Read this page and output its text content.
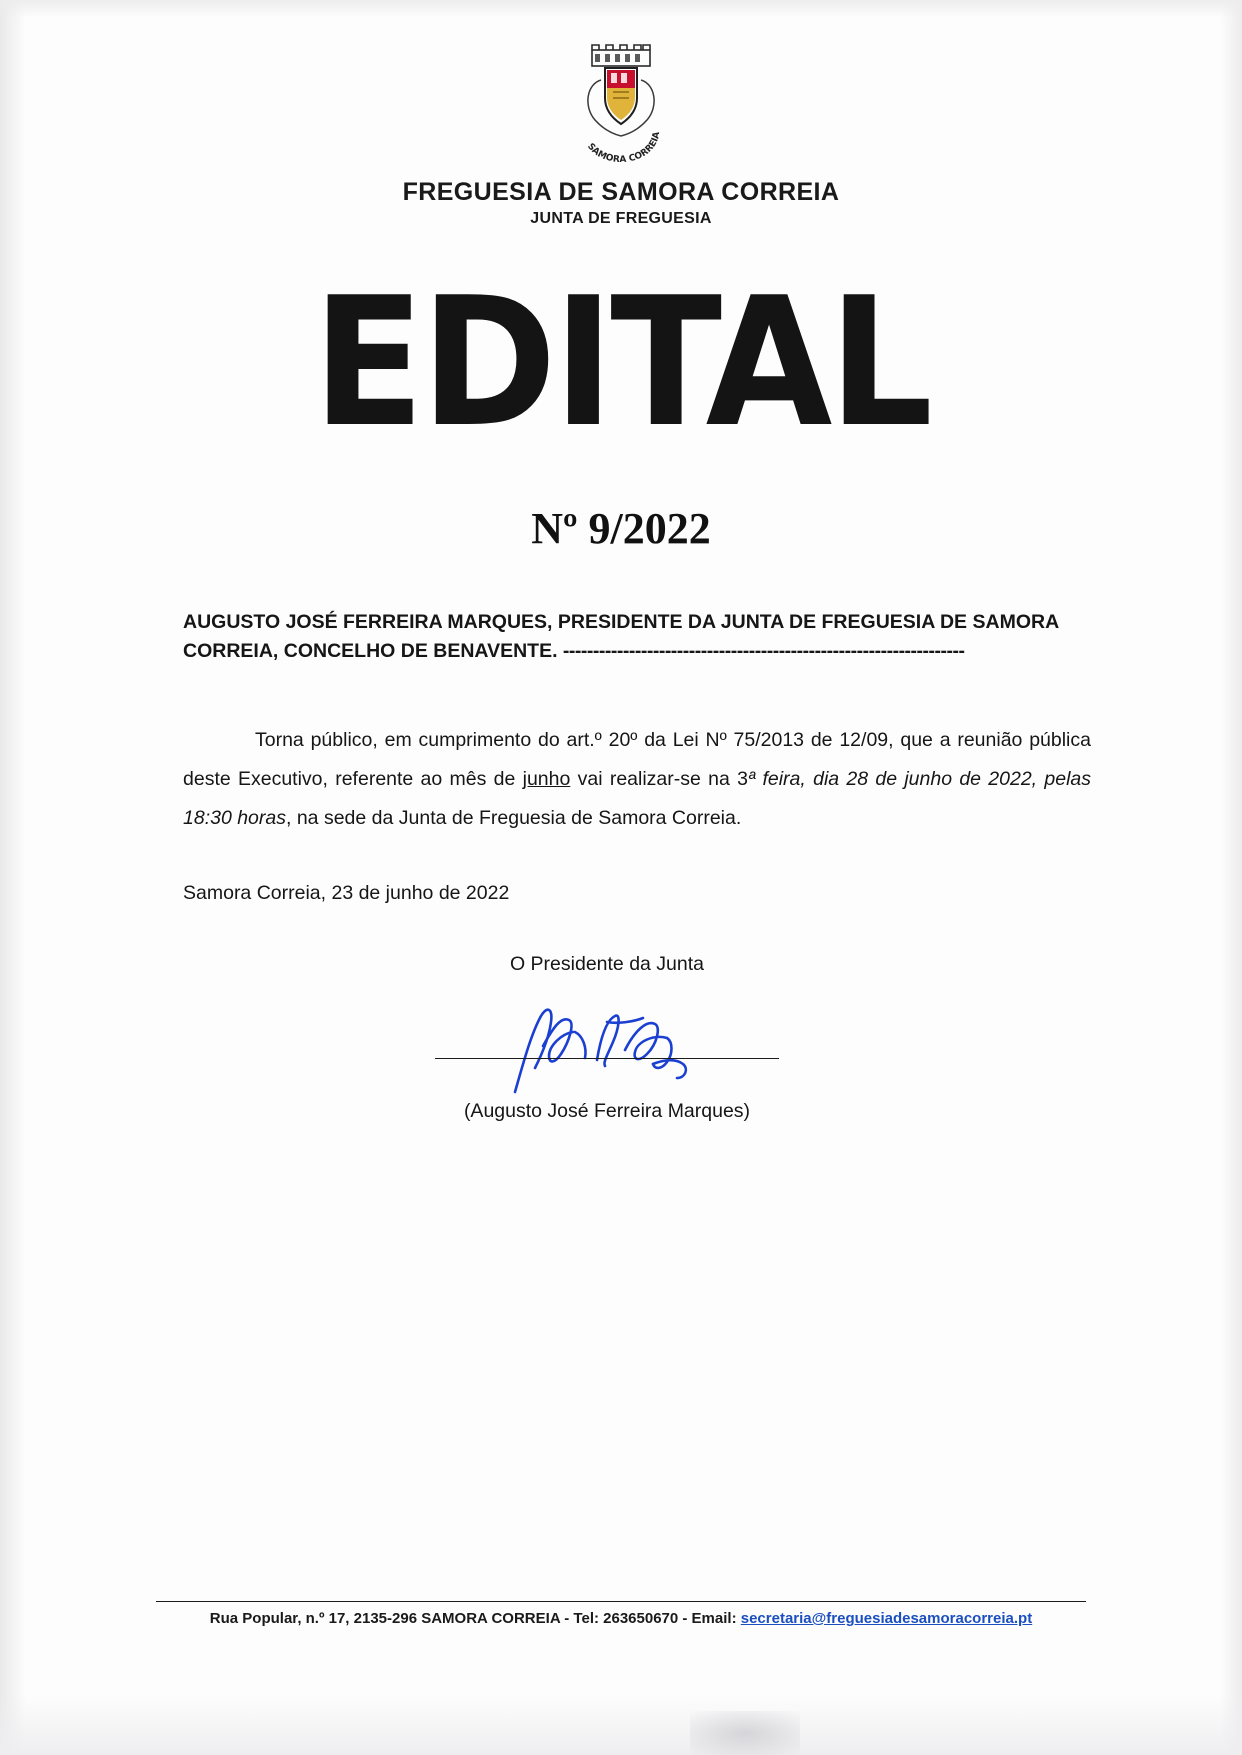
SAMORA CORREIA
FREGUESIA DE SAMORA CORREIA
JUNTA DE FREGUESIA
EDITAL
Nº 9/2022
AUGUSTO JOSÉ FERREIRA MARQUES, PRESIDENTE DA JUNTA DE FREGUESIA DE SAMORA CORREIA, CONCELHO DE BENAVENTE. -------------------------------------------------------------------
Torna público, em cumprimento do art.º 20º da Lei Nº 75/2013 de 12/09, que a reunião pública deste Executivo, referente ao mês de junho vai realizar-se na 3ª feira, dia 28 de junho de 2022, pelas 18:30 horas, na sede da Junta de Freguesia de Samora Correia.
Samora Correia, 23 de junho de 2022
O Presidente da Junta
(Augusto José Ferreira Marques)
Rua Popular, n.º 17, 2135-296 SAMORA CORREIA - Tel: 263650670 - Email: secretaria@freguesiadesamoracorreia.pt
